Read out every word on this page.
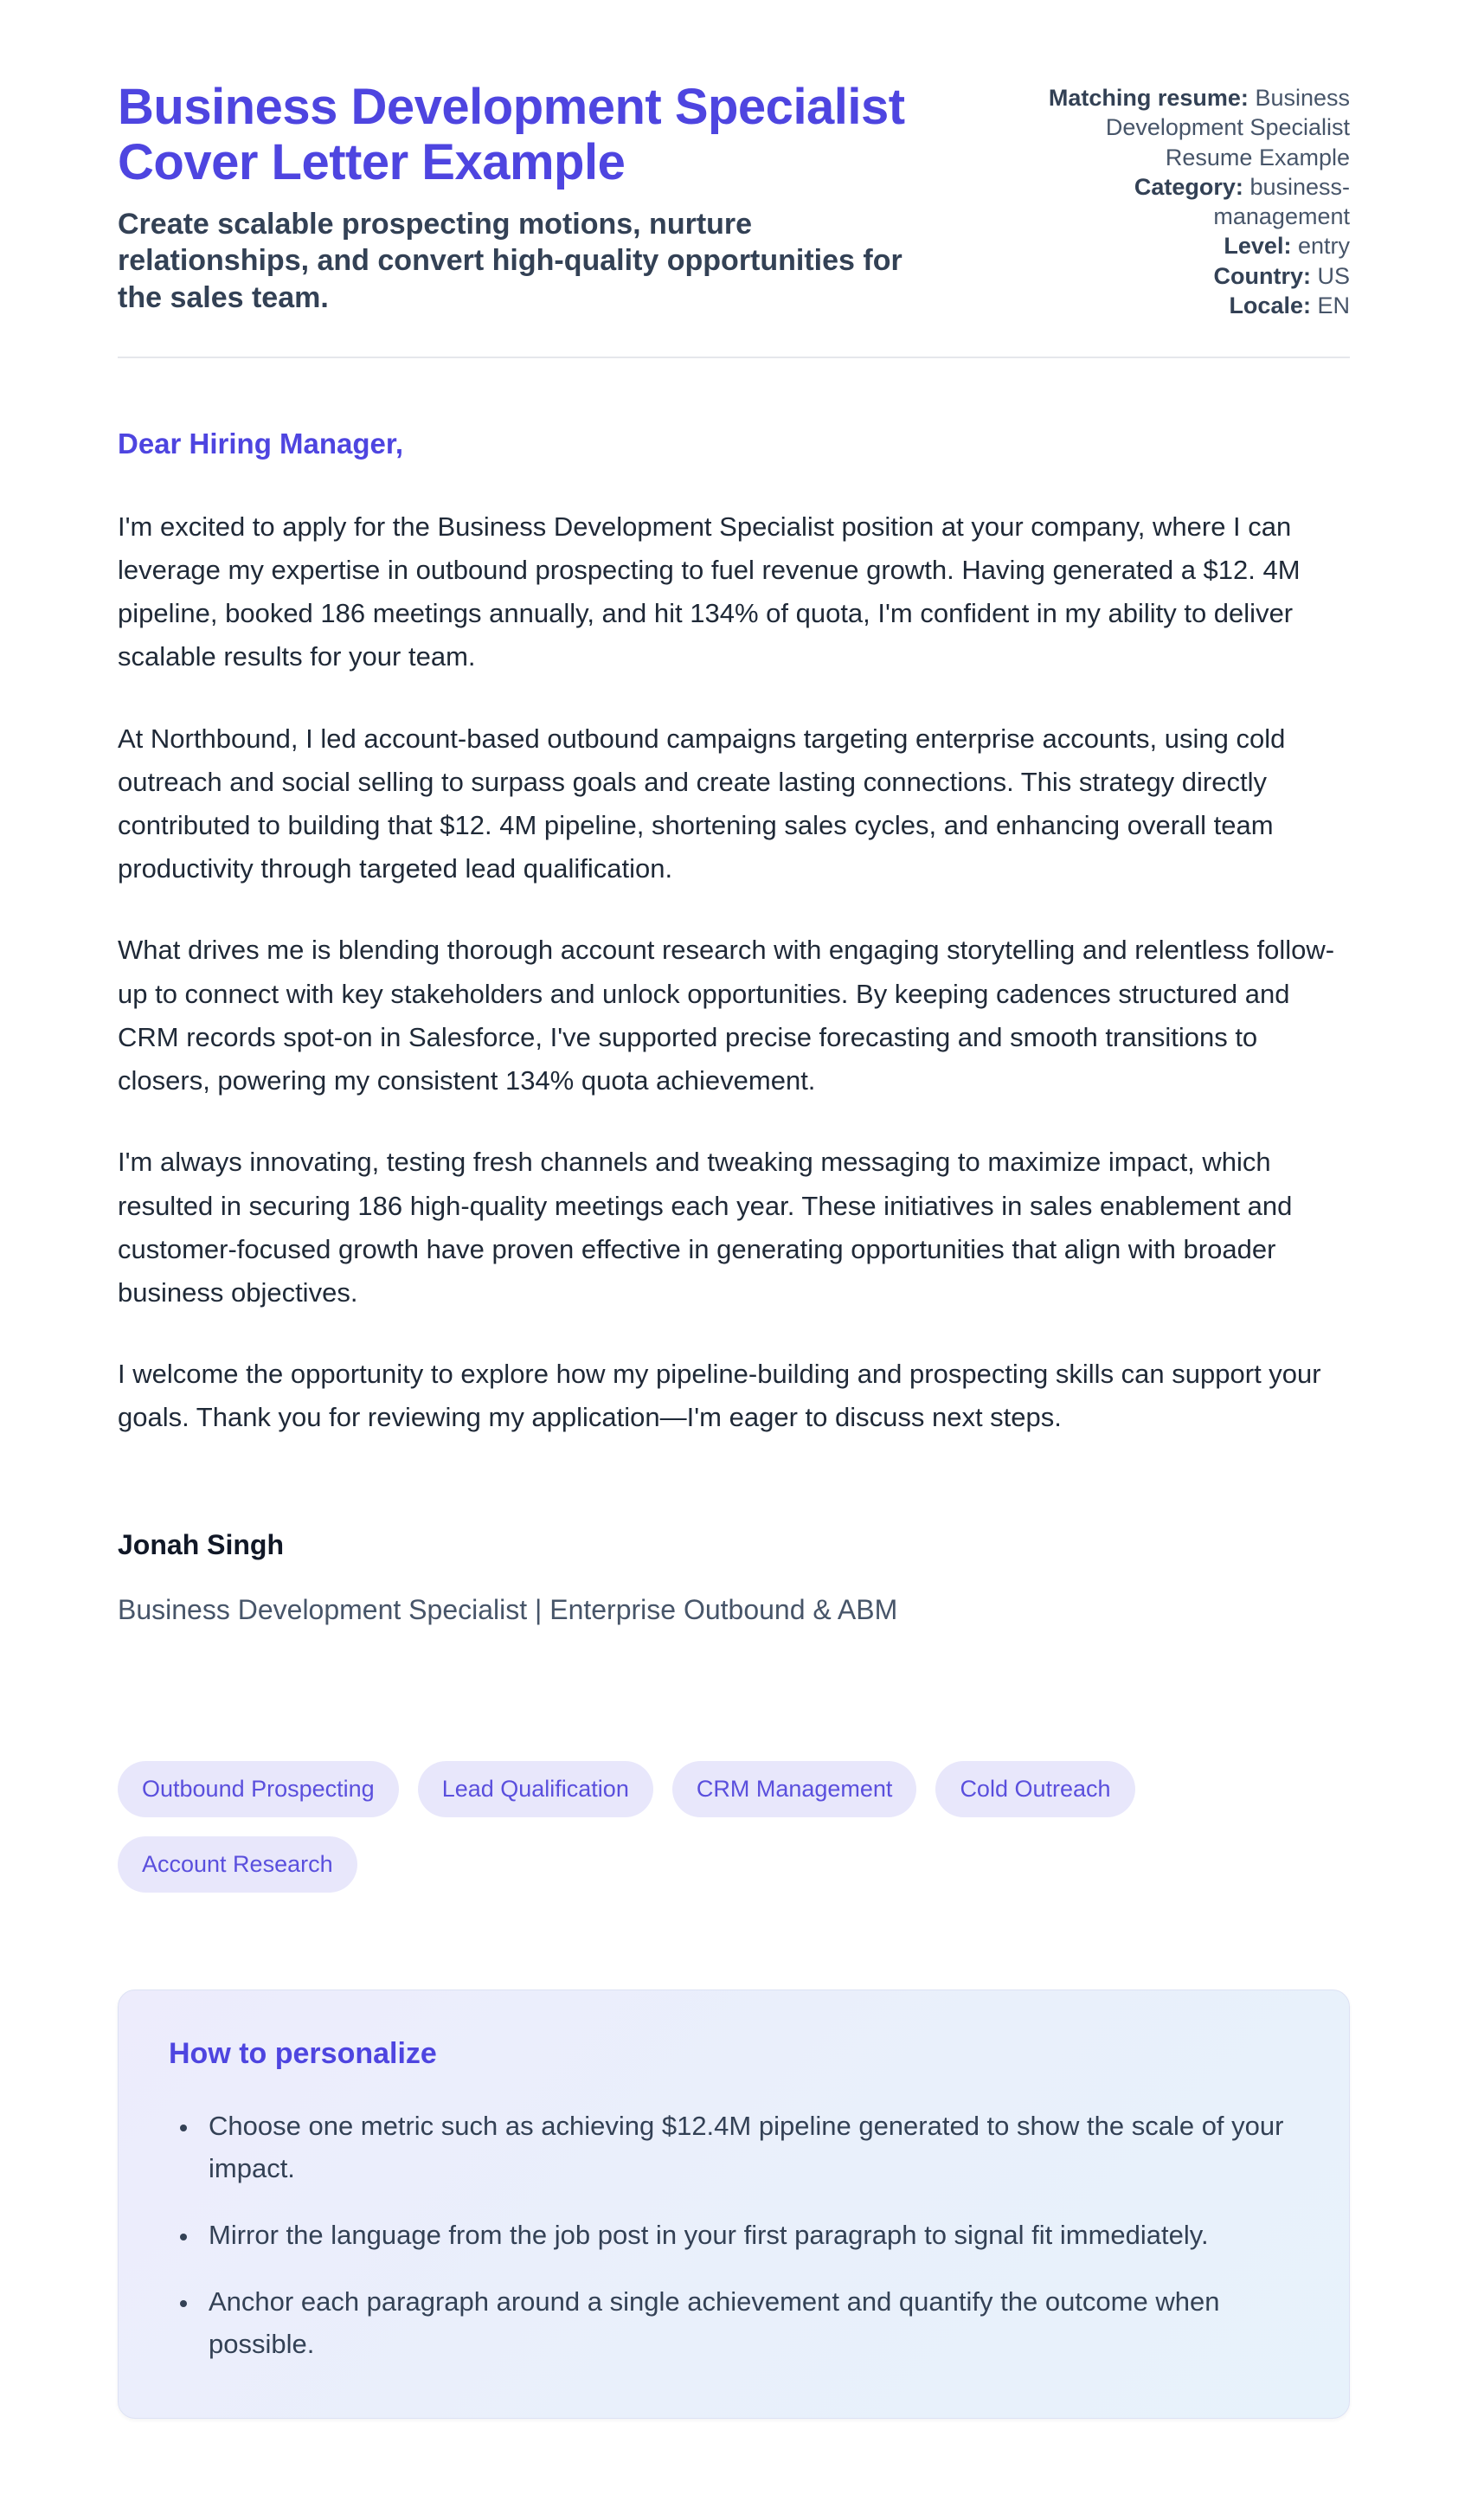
Business Development Specialist Cover Letter Example

Create scalable prospecting motions, nurture relationships, and convert high-quality opportunities for the sales team.

Matching resume: Business Development Specialist Resume Example
Category: business-management
Level: entry
Country: US
Locale: EN

Dear Hiring Manager,

I'm excited to apply for the Business Development Specialist position at your company, where I can leverage my expertise in outbound prospecting to fuel revenue growth. Having generated a $12. 4M pipeline, booked 186 meetings annually, and hit 134% of quota, I'm confident in my ability to deliver scalable results for your team.

At Northbound, I led account-based outbound campaigns targeting enterprise accounts, using cold outreach and social selling to surpass goals and create lasting connections. This strategy directly contributed to building that $12. 4M pipeline, shortening sales cycles, and enhancing overall team productivity through targeted lead qualification.

What drives me is blending thorough account research with engaging storytelling and relentless follow-up to connect with key stakeholders and unlock opportunities. By keeping cadences structured and CRM records spot-on in Salesforce, I've supported precise forecasting and smooth transitions to closers, powering my consistent 134% quota achievement.

I'm always innovating, testing fresh channels and tweaking messaging to maximize impact, which resulted in securing 186 high-quality meetings each year. These initiatives in sales enablement and customer-focused growth have proven effective in generating opportunities that align with broader business objectives.

I welcome the opportunity to explore how my pipeline-building and prospecting skills can support your goals. Thank you for reviewing my application—I'm eager to discuss next steps.

Jonah Singh

Business Development Specialist | Enterprise Outbound & ABM

Outbound Prospecting	Lead Qualification	CRM Management	Cold Outreach
Account Research
How to personalize
• Choose one metric such as achieving $12.4M pipeline generated to show the scale of your impact.
• Mirror the language from the job post in your first paragraph to signal fit immediately.
• Anchor each paragraph around a single achievement and quantify the outcome when possible.
